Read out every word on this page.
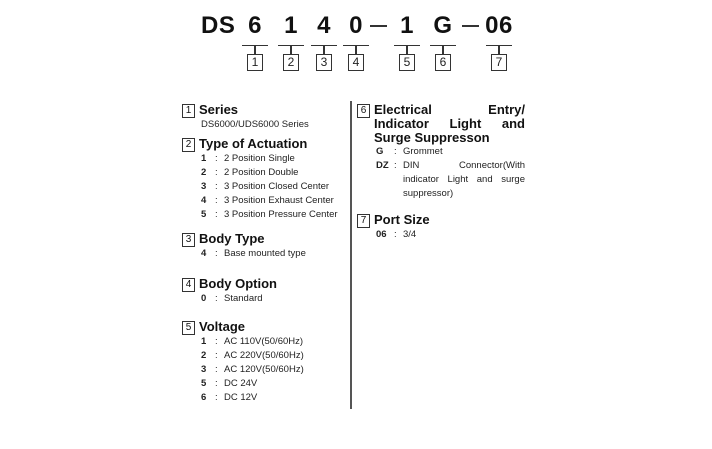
DS 6 1 4 0 1 G 06
1	2	3	4	5	6	7
1 Series
DS6000/UDS6000 Series
2 Type of Actuation
1 : 2 Position Single
2 : 2 Position Double
3 : 3 Position Closed Center
4 : 3 Position Exhaust Center
5 : 3 Position Pressure Center
3 Body Type
4 : Base mounted type
4 Body Option
0 : Standard
5 Voltage
1 : AC 110V(50/60Hz)
2 : AC 220V(50/60Hz)
3 : AC 120V(50/60Hz)
5 : DC 24V
6 : DC 12V
6 Electrical Entry/ Indicator Light and Surge Suppresson
G	: Grommet
DZ : DIN Connector(With indicator Light and surge suppressor)
7 Port Size
06 : 3/4
